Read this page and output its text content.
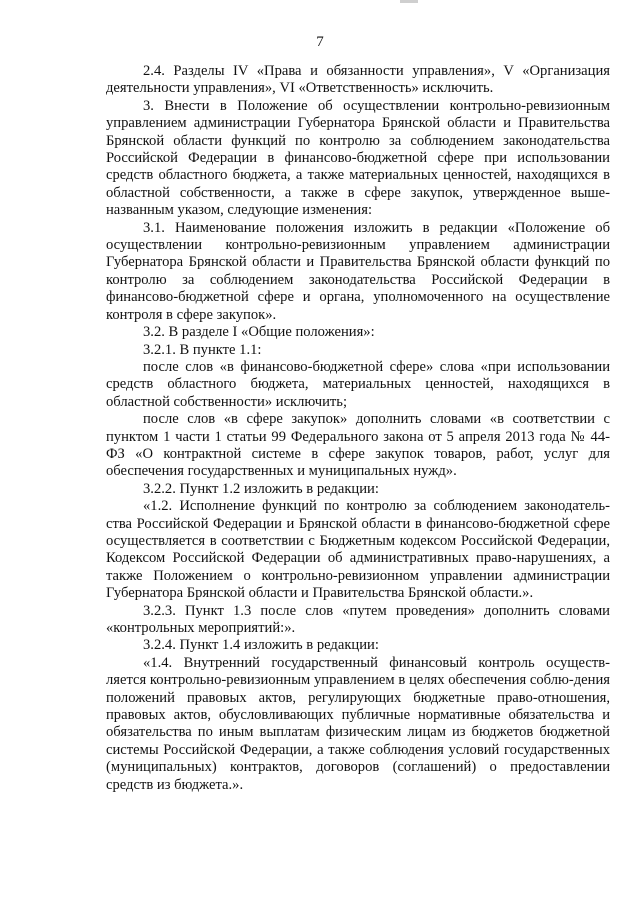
7

2.4. Разделы IV «Права и обязанности управления», V «Организация деятельности управления», VI «Ответственность» исключить.

3. Внести в Положение об осуществлении контрольно-ревизионным управлением администрации Губернатора Брянской области и Правительства Брянской области функций по контролю за соблюдением законодательства Российской Федерации в финансово-бюджетной сфере при использовании средств областного бюджета, а также материальных ценностей, находящихся в областной собственности, а также в сфере закупок, утвержденное выше-названным указом, следующие изменения:

3.1. Наименование положения изложить в редакции «Положение об осуществлении контрольно-ревизионным управлением администрации Губернатора Брянской области и Правительства Брянской области функций по контролю за соблюдением законодательства Российской Федерации в финансово-бюджетной сфере и органа, уполномоченного на осуществление контроля в сфере закупок».

3.2. В разделе I «Общие положения»:

3.2.1. В пункте 1.1:

после слов «в финансово-бюджетной сфере» слова «при использовании средств областного бюджета, материальных ценностей, находящихся в областной собственности» исключить;

после слов «в сфере закупок» дополнить словами «в соответствии с пунктом 1 части 1 статьи 99 Федерального закона от 5 апреля 2013 года № 44-ФЗ «О контрактной системе в сфере закупок товаров, работ, услуг для обеспечения государственных и муниципальных нужд».

3.2.2. Пункт 1.2 изложить в редакции:

«1.2. Исполнение функций по контролю за соблюдением законодатель-ства Российской Федерации и Брянской области в финансово-бюджетной сфере осуществляется в соответствии с Бюджетным кодексом Российской Федерации, Кодексом Российской Федерации об административных право-нарушениях, а также Положением о контрольно-ревизионном управлении администрации Губернатора Брянской области и Правительства Брянской области.».

3.2.3. Пункт 1.3 после слов «путем проведения» дополнить словами «контрольных мероприятий:».

3.2.4. Пункт 1.4 изложить в редакции:

«1.4. Внутренний государственный финансовый контроль осуществ-ляется контрольно-ревизионным управлением в целях обеспечения соблю-дения положений правовых актов, регулирующих бюджетные право-отношения, правовых актов, обусловливающих публичные нормативные обязательства и обязательства по иным выплатам физическим лицам из бюджетов бюджетной системы Российской Федерации, а также соблюдения условий государственных (муниципальных) контрактов, договоров (соглашений) о предоставлении средств из бюджета.».
